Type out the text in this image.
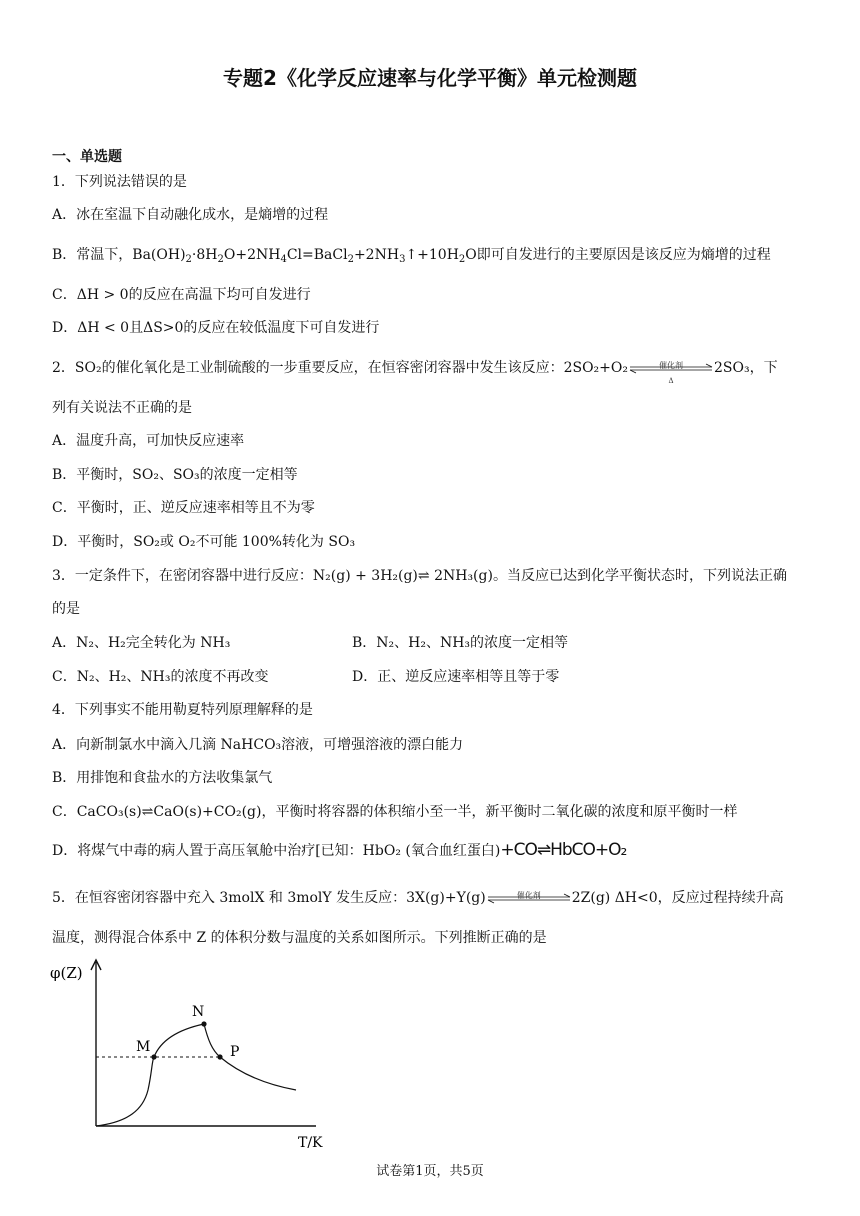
专题2《化学反应速率与化学平衡》单元检测题
一、单选题
1．下列说法错误的是
A．冰在室温下自动融化成水，是熵增的过程
B．常温下，$Ba(OH)_2\cdot 8H_2O+2NH_4Cl=BaCl_2+2NH_3↑+10H_2O$即可自发进行的主要原因是该反应为熵增的过程
C．ΔH > 0的反应在高温下均可自发进行
D．ΔH < 0且ΔS>0的反应在较低温度下可自发进行
2．SO₂的催化氧化是工业制硫酸的一步重要反应，在恒容密闭容器中发生该反应：2SO₂+O₂	催化剂
Δ
2SO₃，下
列有关说法不正确的是
A．温度升高，可加快反应速率
B．平衡时，SO₂、SO₃的浓度一定相等
C．平衡时，正、逆反应速率相等且不为零
D．平衡时，SO₂或 O₂不可能 100%转化为 SO₃
3．一定条件下，在密闭容器中进行反应：N₂(g) + 3H₂(g)⇌ 2NH₃(g)。当反应已达到化学平衡状态时，下列说法正确
的是
A．N₂、H₂完全转化为 NH₃	B．N₂、H₂、NH₃的浓度一定相等
C．N₂、H₂、NH₃的浓度不再改变	D．正、逆反应速率相等且等于零
4．下列事实不能用勒夏特列原理解释的是
A．向新制氯水中滴入几滴 NaHCO₃溶液，可增强溶液的漂白能力
B．用排饱和食盐水的方法收集氯气
C．CaCO₃(s)⇌CaO(s)+CO₂(g)，平衡时将容器的体积缩小至一半，新平衡时二氧化碳的浓度和原平衡时一样
D．将煤气中毒的病人置于高压氧舱中治疗[已知：HbO₂ (氧合血红蛋白)+CO⇌HbCO+O₂
5．在恒容密闭容器中充入 3molX 和 3molY 发生反应：3X(g)+Y(g)	催化剂	2Z(g) ΔH<0，反应过程持续升高
温度，测得混合体系中 Z 的体积分数与温度的关系如图所示。下列推断正确的是
φ(Z)
T/K
M
N
P
试卷第1页，共5页
